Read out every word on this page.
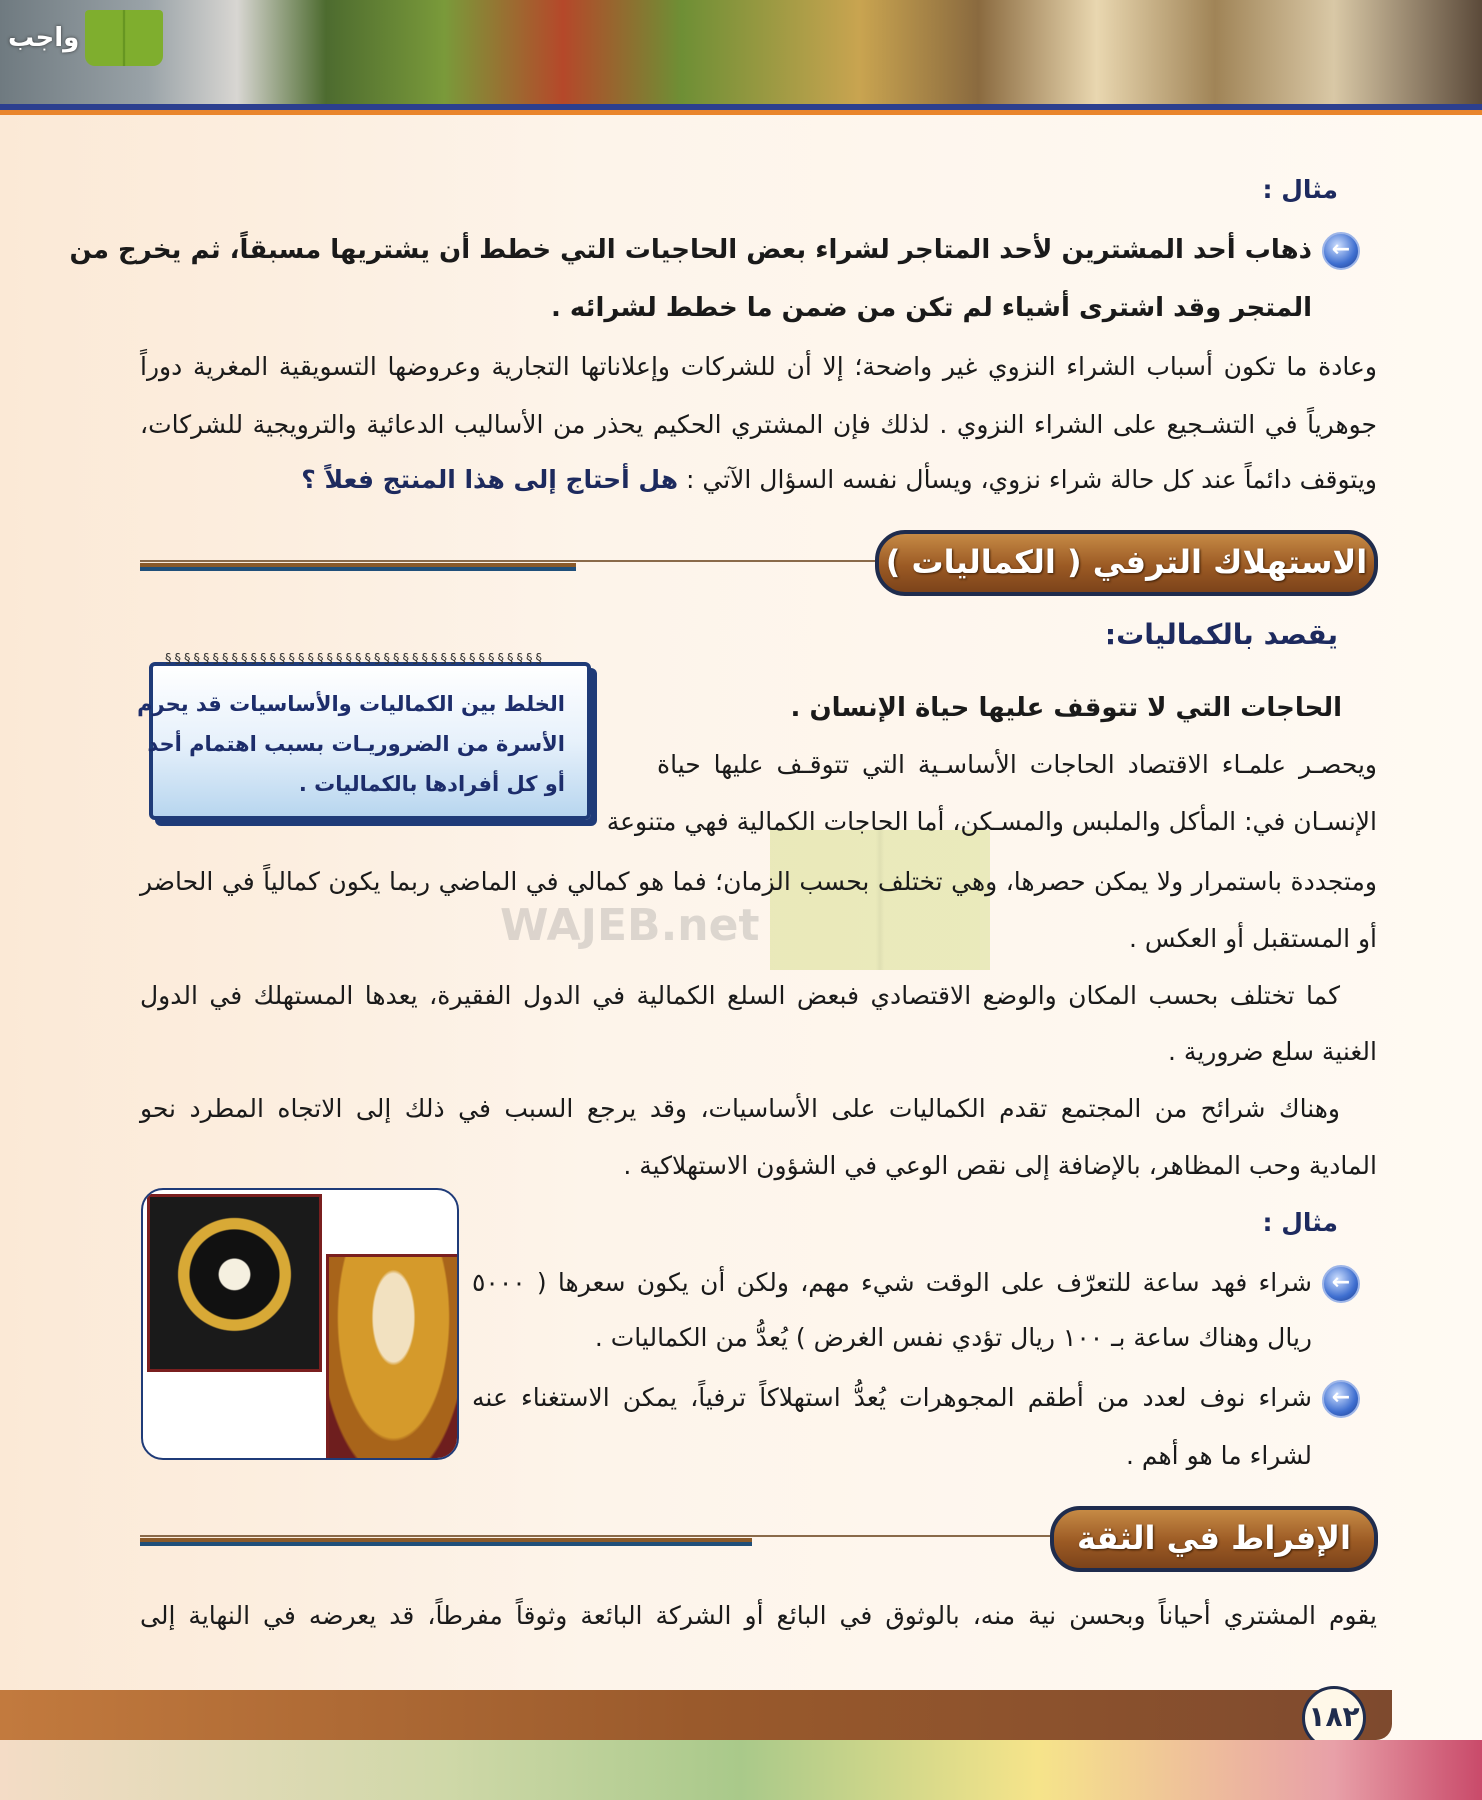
واجب
WAJEB.net
مثال :
←
ذهاب أحد المشترين لأحد المتاجر لشراء بعض الحاجيات التي خطط أن يشتريها مسبقاً، ثم يخرج من
المتجر وقد اشترى أشياء لم تكن من ضمن ما خطط لشرائه .
وعادة ما تكون أسباب الشراء النزوي غير واضحة؛ إلا أن للشركات وإعلاناتها التجارية وعروضها التسويقية المغرية دوراً
جوهرياً في التشـجيع على الشراء النزوي . لذلك فإن المشتري الحكيم يحذر من الأساليب الدعائية والترويجية للشركات،
ويتوقف دائماً عند كل حالة شراء نزوي، ويسأل نفسه السؤال الآتي : هل أحتاج إلى هذا المنتج فعلاً ؟
الاستهلاك الترفي ( الكماليات )
يقصد بالكماليات:
الحاجات التي لا تتوقف عليها حياة الإنسان .
§§§§§§§§§§§§§§§§§§§§§§§§§§§§§§§§§§§§§§§§

الخلط بين الكماليات والأساسيات قد يحرم

الأسرة من الضروريـات بسبب اهتمام أحد

أو كل أفرادها بالكماليات .

ويحصـر علمـاء الاقتصاد الحاجات الأساسـية التي تتوقـف عليها حياة
الإنسـان في: المأكل والملبس والمسـكن، أما الحاجات الكمالية فهي متنوعة
ومتجددة باستمرار ولا يمكن حصرها، وهي تختلف بحسب الزمان؛ فما هو كمالي في الماضي ربما يكون كمالياً في الحاضر
أو المستقبل أو العكس .
كما تختلف بحسب المكان والوضع الاقتصادي فبعض السلع الكمالية في الدول الفقيرة، يعدها المستهلك في الدول
الغنية سلع ضرورية .
وهناك شرائح من المجتمع تقدم الكماليات على الأساسيات، وقد يرجع السبب في ذلك إلى الاتجاه المطرد نحو
المادية وحب المظاهر، بالإضافة إلى نقص الوعي في الشؤون الاستهلاكية .
مثال :
←
شراء فهد ساعة للتعرّف على الوقت شيء مهم، ولكن أن يكون سعرها ( ٥٠٠٠
ريال وهناك ساعة بـ ١٠٠ ريال تؤدي نفس الغرض ) يُعدُّ من الكماليات .
←
شراء نوف لعدد من أطقم المجوهرات يُعدُّ استهلاكاً ترفياً، يمكن الاستغناء عنه
لشراء ما هو أهم .
الإفراط في الثقة
يقوم المشتري أحياناً وبحسن نية منه، بالوثوق في البائع أو الشركة البائعة وثوقاً مفرطاً، قد يعرضه في النهاية إلى
١٨٢
